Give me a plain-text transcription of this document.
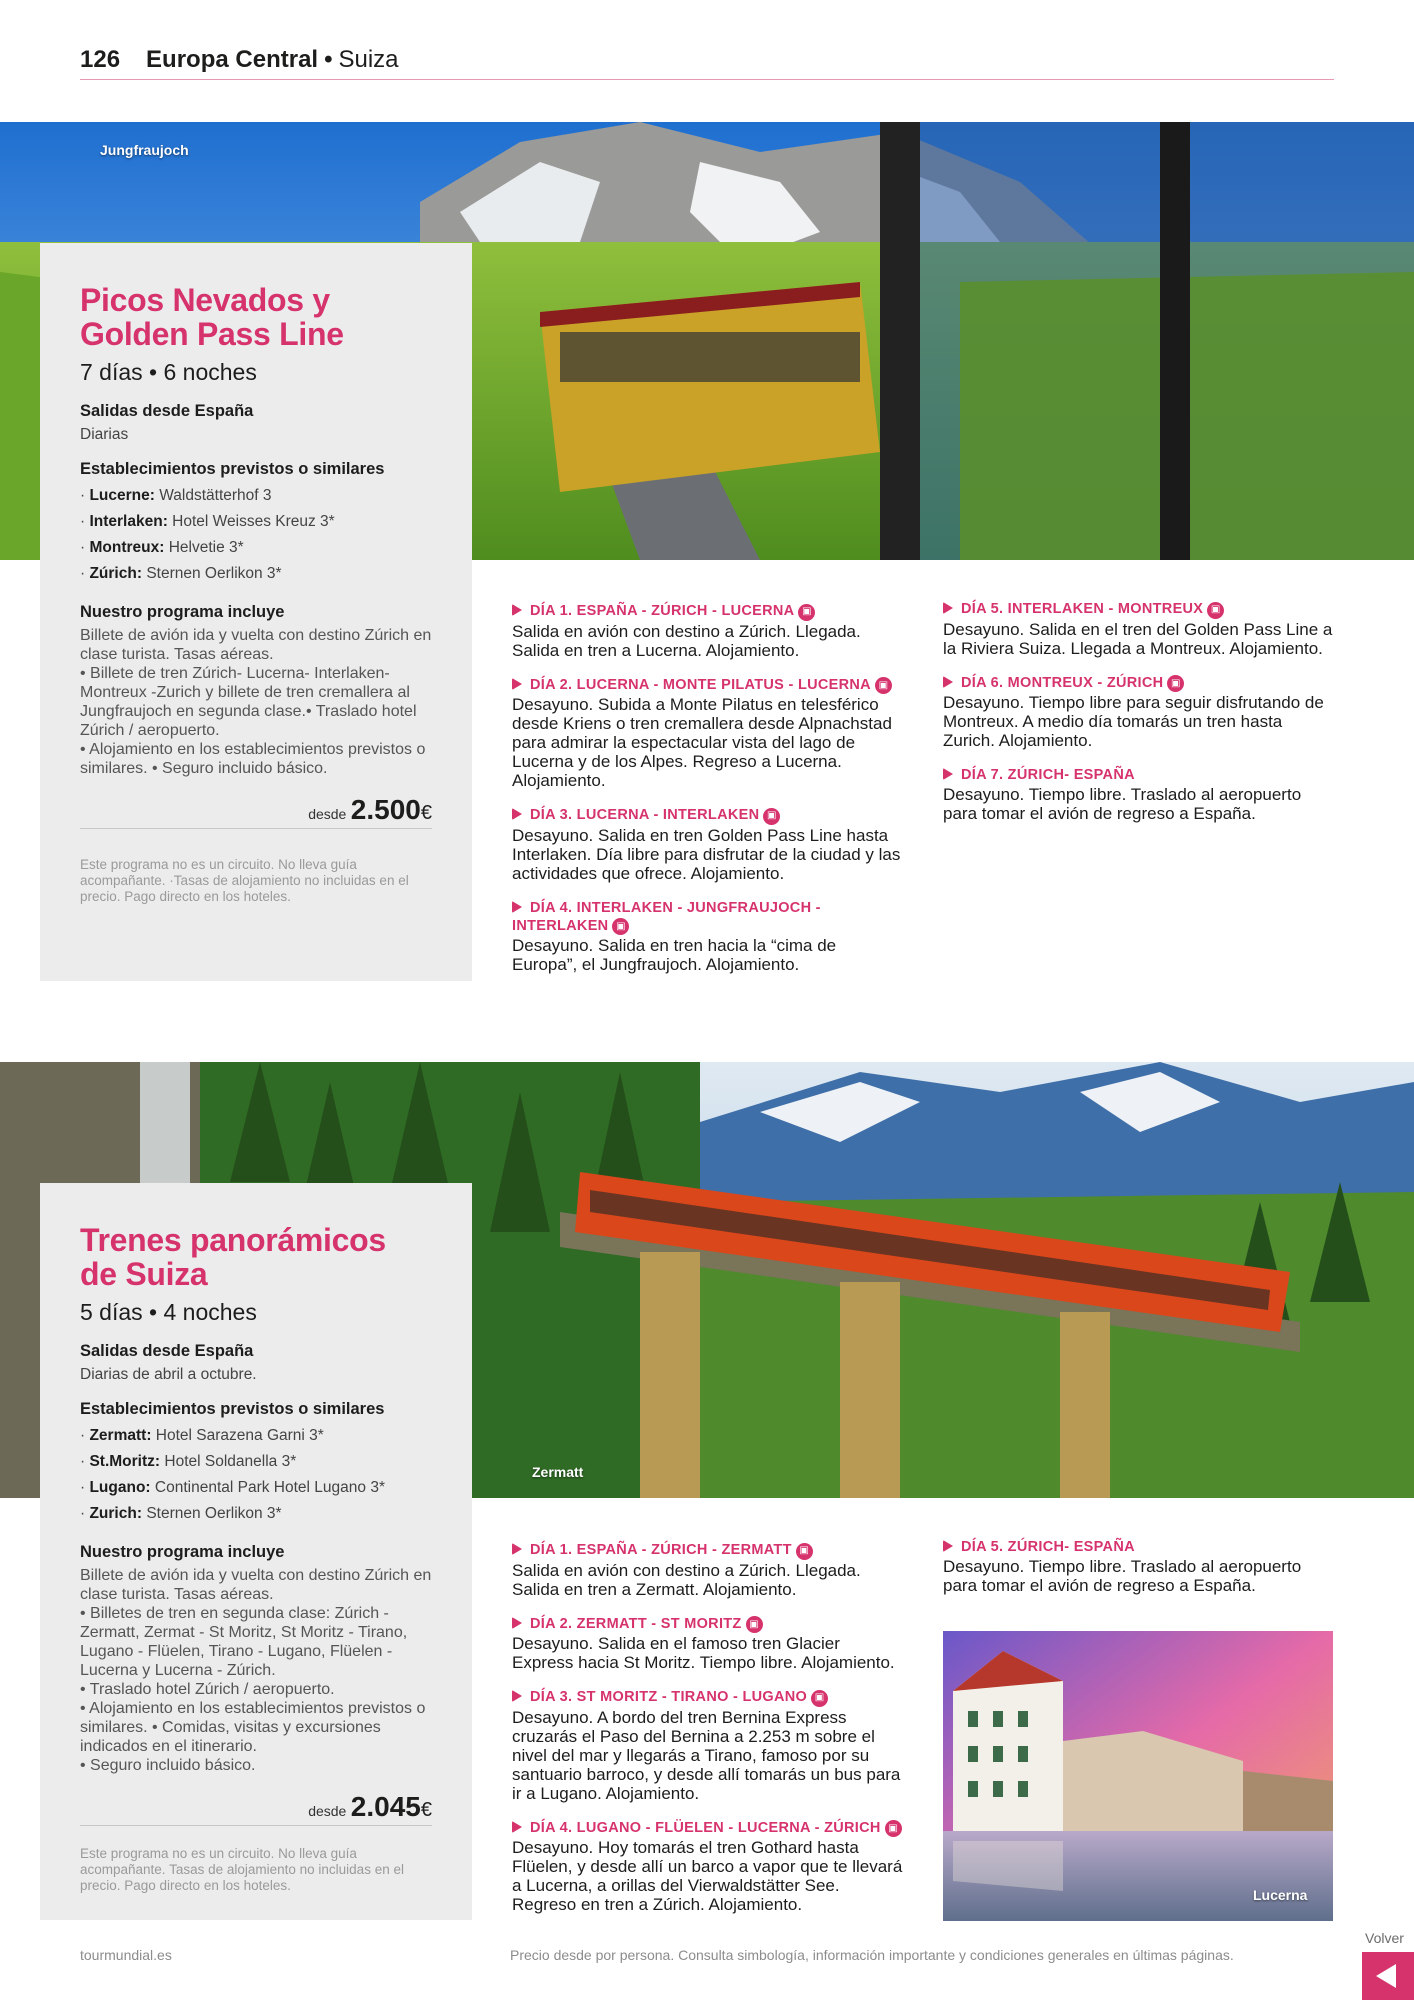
126 Europa Central • Suiza
Jungfraujoch
Picos Nevados y
Golden Pass Line
7 días • 6 noches
Salidas desde España
Diarias
Establecimientos previstos o similares
· Lucerne: Waldstätterhof 3
· Interlaken: Hotel Weisses Kreuz 3*
· Montreux: Helvetie 3*
· Zúrich: Sternen Oerlikon 3*
Nuestro programa incluye
Billete de avión ida y vuelta con destino Zúrich en clase turista. Tasas aéreas.
• Billete de tren Zúrich- Lucerna- Interlaken-Montreux -Zurich y billete de tren cremallera al Jungfraujoch en segunda clase.• Traslado hotel Zúrich / aeropuerto.
• Alojamiento en los establecimientos previstos o similares. • Seguro incluido básico.
desde 2.500€
Este programa no es un circuito. No lleva guía acompañante. ·Tasas de alojamiento no incluidas en el precio. Pago directo en los hoteles.
DÍA 1. ESPAÑA - ZÚRICH - LUCERNA ▣
Salida en avión con destino a Zúrich. Llegada. Salida en tren a Lucerna. Alojamiento.
DÍA 2. LUCERNA - MONTE PILATUS - LUCERNA ▣
Desayuno. Subida a Monte Pilatus en telesférico desde Kriens o tren cremallera desde Alpnachstad para admirar la espectacular vista del lago de Lucerna y de los Alpes. Regreso a Lucerna. Alojamiento.
DÍA 3. LUCERNA - INTERLAKEN ▣
Desayuno. Salida en tren Golden Pass Line hasta Interlaken. Día libre para disfrutar de la ciudad y las actividades que ofrece. Alojamiento.
DÍA 4. INTERLAKEN - JUNGFRAUJOCH - INTERLAKEN ▣
Desayuno. Salida en tren hacia la “cima de Europa”, el Jungfraujoch. Alojamiento.
DÍA 5. INTERLAKEN - MONTREUX ▣
Desayuno. Salida en el tren del Golden Pass Line a la Riviera Suiza. Llegada a Montreux. Alojamiento.
DÍA 6. MONTREUX - ZÚRICH ▣
Desayuno. Tiempo libre para seguir disfrutando de Montreux. A medio día tomarás un tren hasta Zurich. Alojamiento.
DÍA 7. ZÚRICH- ESPAÑA
Desayuno. Tiempo libre. Traslado al aeropuerto para tomar el avión de regreso a España.
Zermatt
Trenes panorámicos
de Suiza
5 días • 4 noches
Salidas desde España
Diarias de abril a octubre.
Establecimientos previstos o similares
· Zermatt: Hotel Sarazena Garni 3*
· St.Moritz: Hotel Soldanella 3*
· Lugano: Continental Park Hotel Lugano 3*
· Zurich: Sternen Oerlikon 3*
Nuestro programa incluye
Billete de avión ida y vuelta con destino Zúrich en clase turista. Tasas aéreas.
• Billetes de tren en segunda clase: Zúrich - Zermatt, Zermat - St Moritz, St Moritz - Tirano, Lugano - Flüelen, Tirano - Lugano, Flüelen - Lucerna y Lucerna - Zúrich.
• Traslado hotel Zúrich / aeropuerto.
• Alojamiento en los establecimientos previstos o similares. • Comidas, visitas y excursiones indicados en el itinerario.
• Seguro incluido básico.
desde 2.045€
Este programa no es un circuito. No lleva guía acompañante. Tasas de alojamiento no incluidas en el precio. Pago directo en los hoteles.
DÍA 1. ESPAÑA - ZÚRICH - ZERMATT ▣
Salida en avión con destino a Zúrich. Llegada. Salida en tren a Zermatt. Alojamiento.
DÍA 2. ZERMATT - ST MORITZ ▣
Desayuno. Salida en el famoso tren Glacier Express hacia St Moritz. Tiempo libre. Alojamiento.
DÍA 3. ST MORITZ - TIRANO - LUGANO ▣
Desayuno. A bordo del tren Bernina Express cruzarás el Paso del Bernina a 2.253 m sobre el nivel del mar y llegarás a Tirano, famoso por su santuario barroco, y desde allí tomarás un bus para ir a Lugano. Alojamiento.
DÍA 4. LUGANO - FLÜELEN - LUCERNA - ZÚRICH ▣
Desayuno. Hoy tomarás el tren Gothard hasta Flüelen, y desde allí un barco a vapor que te llevará a Lucerna, a orillas del Vierwaldstätter See. Regreso en tren a Zúrich. Alojamiento.
DÍA 5. ZÚRICH- ESPAÑA
Desayuno. Tiempo libre. Traslado al aeropuerto para tomar el avión de regreso a España.
Lucerna
tourmundial.es	Precio desde por persona. Consulta simbología, información importante y condiciones generales en últimas páginas.
Volver
